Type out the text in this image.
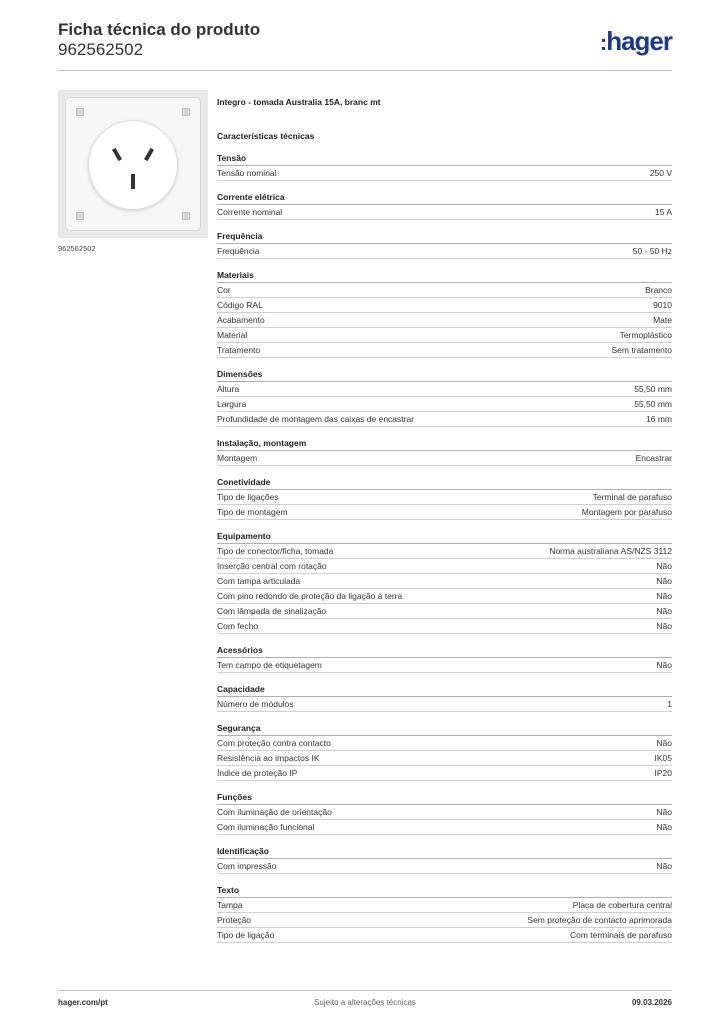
Ficha técnica do produto
962562502	:hager
962562502
Integro - tomada Australia 15A, branc mt
Características técnicas
Tensão
Tensão nominal	250 V
Corrente elétrica
Corrente nominal	15 A
Frequência
Frequência	50 - 50 Hz
Materiais
Cor	Branco
Código RAL	9010
Acabamento	Mate
Material	Termoplástico
Tratamento	Sem tratamento
Dimensões
Altura	55,50 mm
Largura	55,50 mm
Profundidade de montagem das caixas de encastrar	16 mm
Instalação, montagem
Montagem	Encastrar
Conetividade
Tipo de ligações	Terminal de parafuso
Tipo de montagem	Montagem por parafuso
Equipamento
Tipo de conector/ficha, tomada	Norma australiana AS/NZS 3112
Inserção central com rotação	Não
Com tampa articulada	Não
Com pino redondo de proteção da ligação à terra	Não
Com lâmpada de sinalização	Não
Com fecho	Não
Acessórios
Tem campo de etiquetagem	Não
Capacidade
Número de módulos	1
Segurança
Com proteção contra contacto	Não
Resistência ao impactos IK	IK05
Índice de proteção IP	IP20
Funções
Com iluminação de orientação	Não
Com iluminação funcional	Não
Identificação
Com impressão	Não
Texto
Tampa	Placa de cobertura central
Proteção	Sem proteção de contacto aprimorada
Tipo de ligação	Com terminais de parafuso
hager.com/pt	Sujeito a alterações técnicas	09.03.2026
